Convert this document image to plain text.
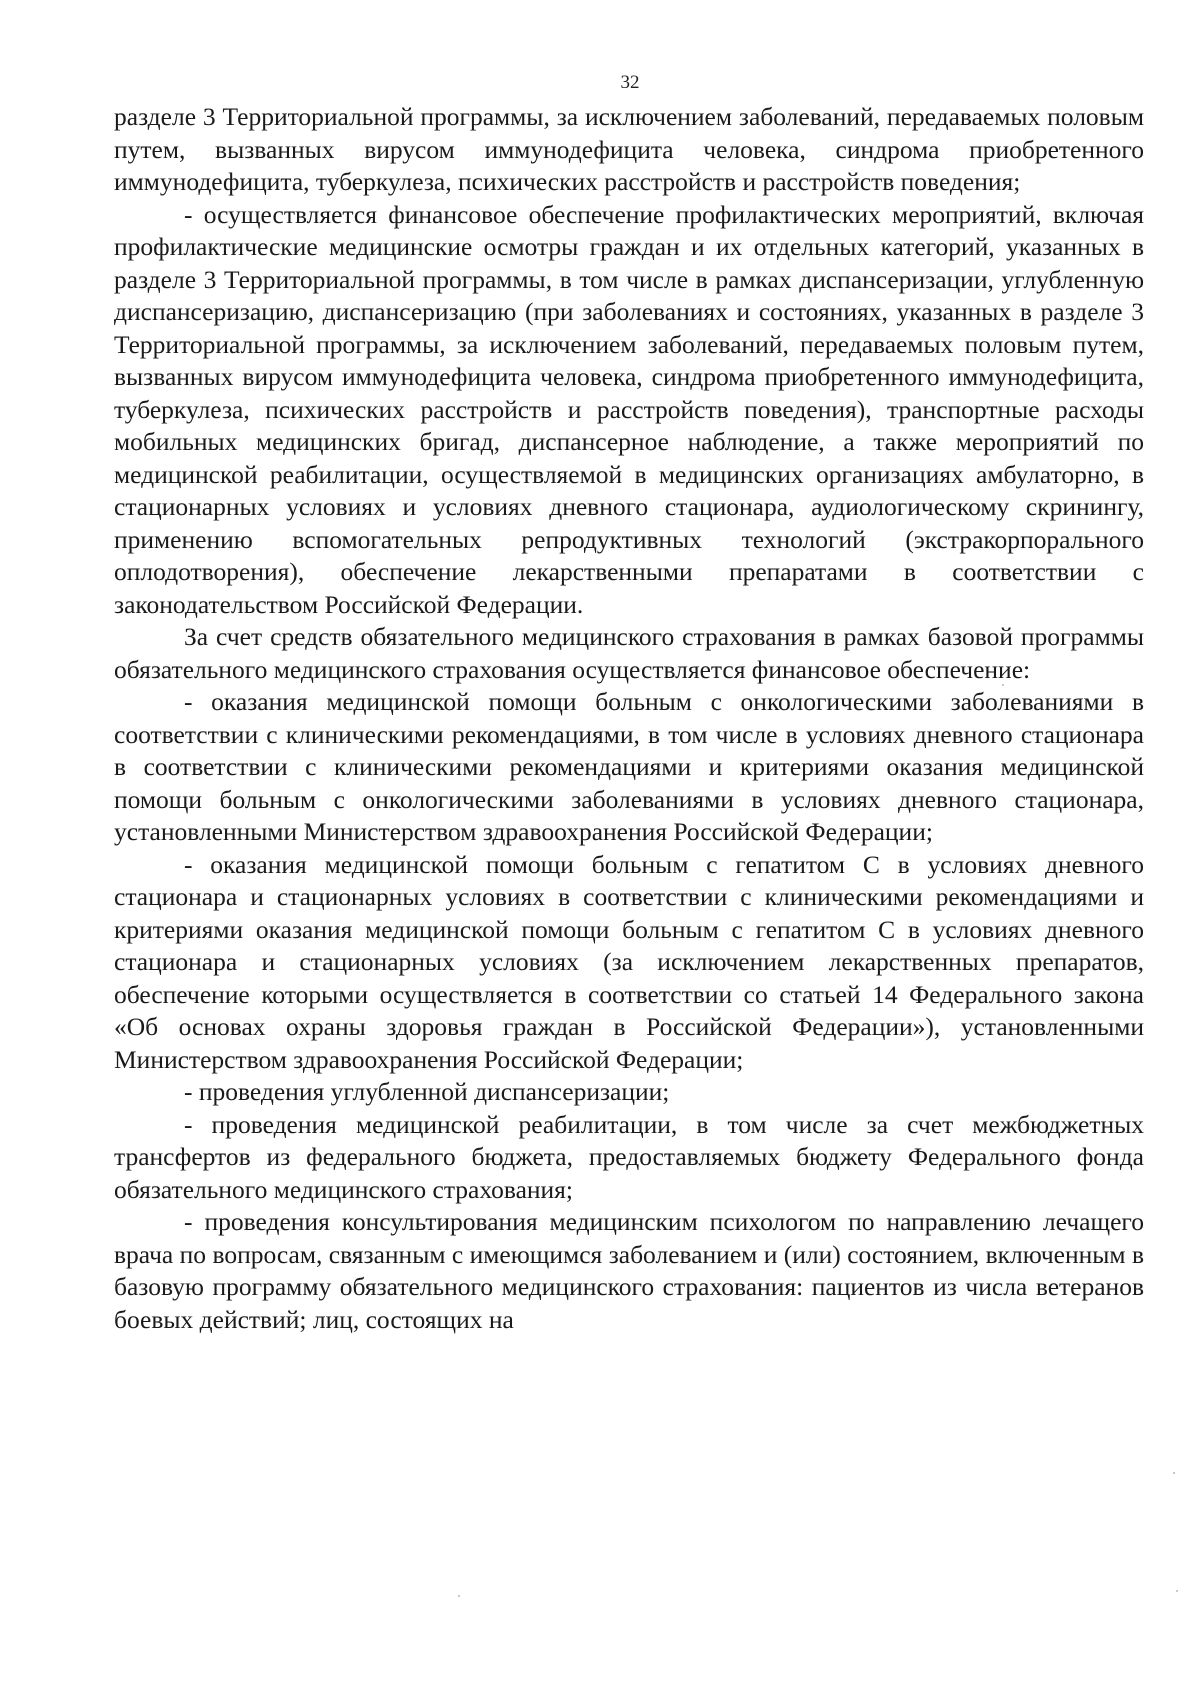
32

разделе 3 Территориальной программы, за исключением заболеваний, передаваемых половым путем, вызванных вирусом иммунодефицита человека, синдрома приобретенного иммунодефицита, туберкулеза, психических расстройств и расстройств поведения;

- осуществляется финансовое обеспечение профилактических мероприятий, включая профилактические медицинские осмотры граждан и их отдельных категорий, указанных в разделе 3 Территориальной программы, в том числе в рамках диспансеризации, углубленную диспансеризацию, диспансеризацию (при заболеваниях и состояниях, указанных в разделе 3 Территориальной программы, за исключением заболеваний, передаваемых половым путем, вызванных вирусом иммунодефицита человека, синдрома приобретенного иммунодефицита, туберкулеза, психических расстройств и расстройств поведения), транспортные расходы мобильных медицинских бригад, диспансерное наблюдение, а также мероприятий по медицинской реабилитации, осуществляемой в медицинских организациях амбулаторно, в стационарных условиях и условиях дневного стационара, аудиологическому скринингу, применению вспомогательных репродуктивных технологий (экстракорпорального оплодотворения), обеспечение лекарственными препаратами в соответствии с законодательством Российской Федерации.

За счет средств обязательного медицинского страхования в рамках базовой программы обязательного медицинского страхования осуществляется финансовое обеспечение:

- оказания медицинской помощи больным с онкологическими заболеваниями в соответствии с клиническими рекомендациями, в том числе в условиях дневного стационара в соответствии с клиническими рекомендациями и критериями оказания медицинской помощи больным с онкологическими заболеваниями в условиях дневного стационара, установленными Министерством здравоохранения Российской Федерации;

- оказания медицинской помощи больным с гепатитом С в условиях дневного стационара и стационарных условиях в соответствии с клиническими рекомендациями и критериями оказания медицинской помощи больным с гепатитом С в условиях дневного стационара и стационарных условиях (за исключением лекарственных препаратов, обеспечение которыми осуществляется в соответствии со статьей 14 Федерального закона «Об основах охраны здоровья граждан в Российской Федерации»), установленными Министерством здравоохранения Российской Федерации;

- проведения углубленной диспансеризации;

- проведения медицинской реабилитации, в том числе за счет межбюджетных трансфертов из федерального бюджета, предоставляемых бюджету Федерального фонда обязательного медицинского страхования;

- проведения консультирования медицинским психологом по направлению лечащего врача по вопросам, связанным с имеющимся заболеванием и (или) состоянием, включенным в базовую программу обязательного медицинского страхования: пациентов из числа ветеранов боевых действий; лиц, состоящих на
